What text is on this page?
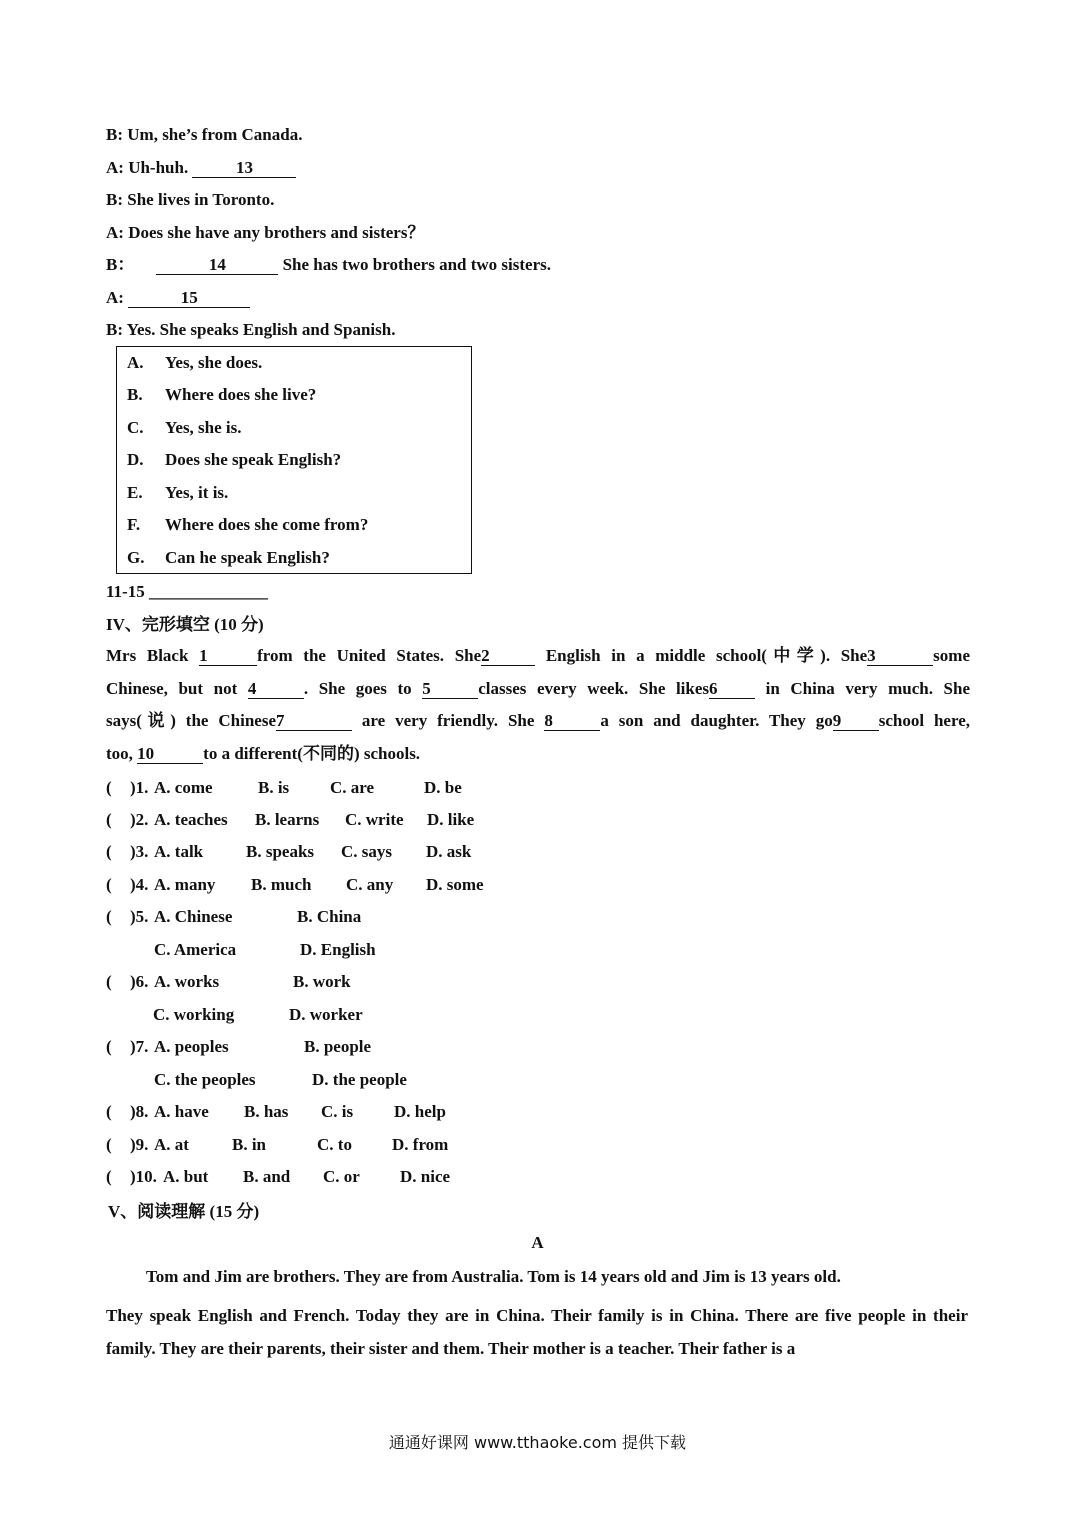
B: Um, she’s from Canada.
A: Uh-huh.	13
B: She lives in Toronto.
A: Does she have any brothers and sisters？
B：	14	She has two brothers and two sisters.
A:	15
B: Yes. She speaks English and Spanish.
A. Yes, she does.
B. Where does she live?
C. Yes, she is.
D. Does she speak English?
E. Yes, it is.
F. Where does she come from?
G. Can he speak English?
11-15 ______________
IV、完形填空 (10 分)
Mrs Black 1	from the United States. She2	English in a middle school(中学). She3	some
Chinese, but not 4	. She goes to 5	classes every week. She likes6 in China very much. She
says(说) the Chinese7	are very friendly. She 8	a son and daughter. They go9 school here,
too, 10	to a different(不同的) schools.
( )1. A. come	B. is C. are	D. be
( )2. A. teaches B. learns C. write D. like
( )3. A. talk	B. speaks C. says D. ask
( )4. A. many B. much C. any D. some
( )5. A. Chinese	B. China
C. America	D. English
( )6. A. works	B. work
C. working	D. worker
( )7. A. peoples	B. people
C. the peoples	D. the people
( )8. A. have B. has C. is D. help
( )9. A. at	B. in	C. to D. from
( )10. A. but B. and C. or D. nice
V、阅读理解 (15 分)
A
Tom and Jim are brothers. They are from Australia. Tom is 14 years old and Jim is 13 years old.
They speak English and French. Today they are in China. Their family is in China. There are five people in their family. They are their parents, their sister and them. Their mother is a teacher. Their father is a
通通好课网 www.tthaoke.com 提供下载
